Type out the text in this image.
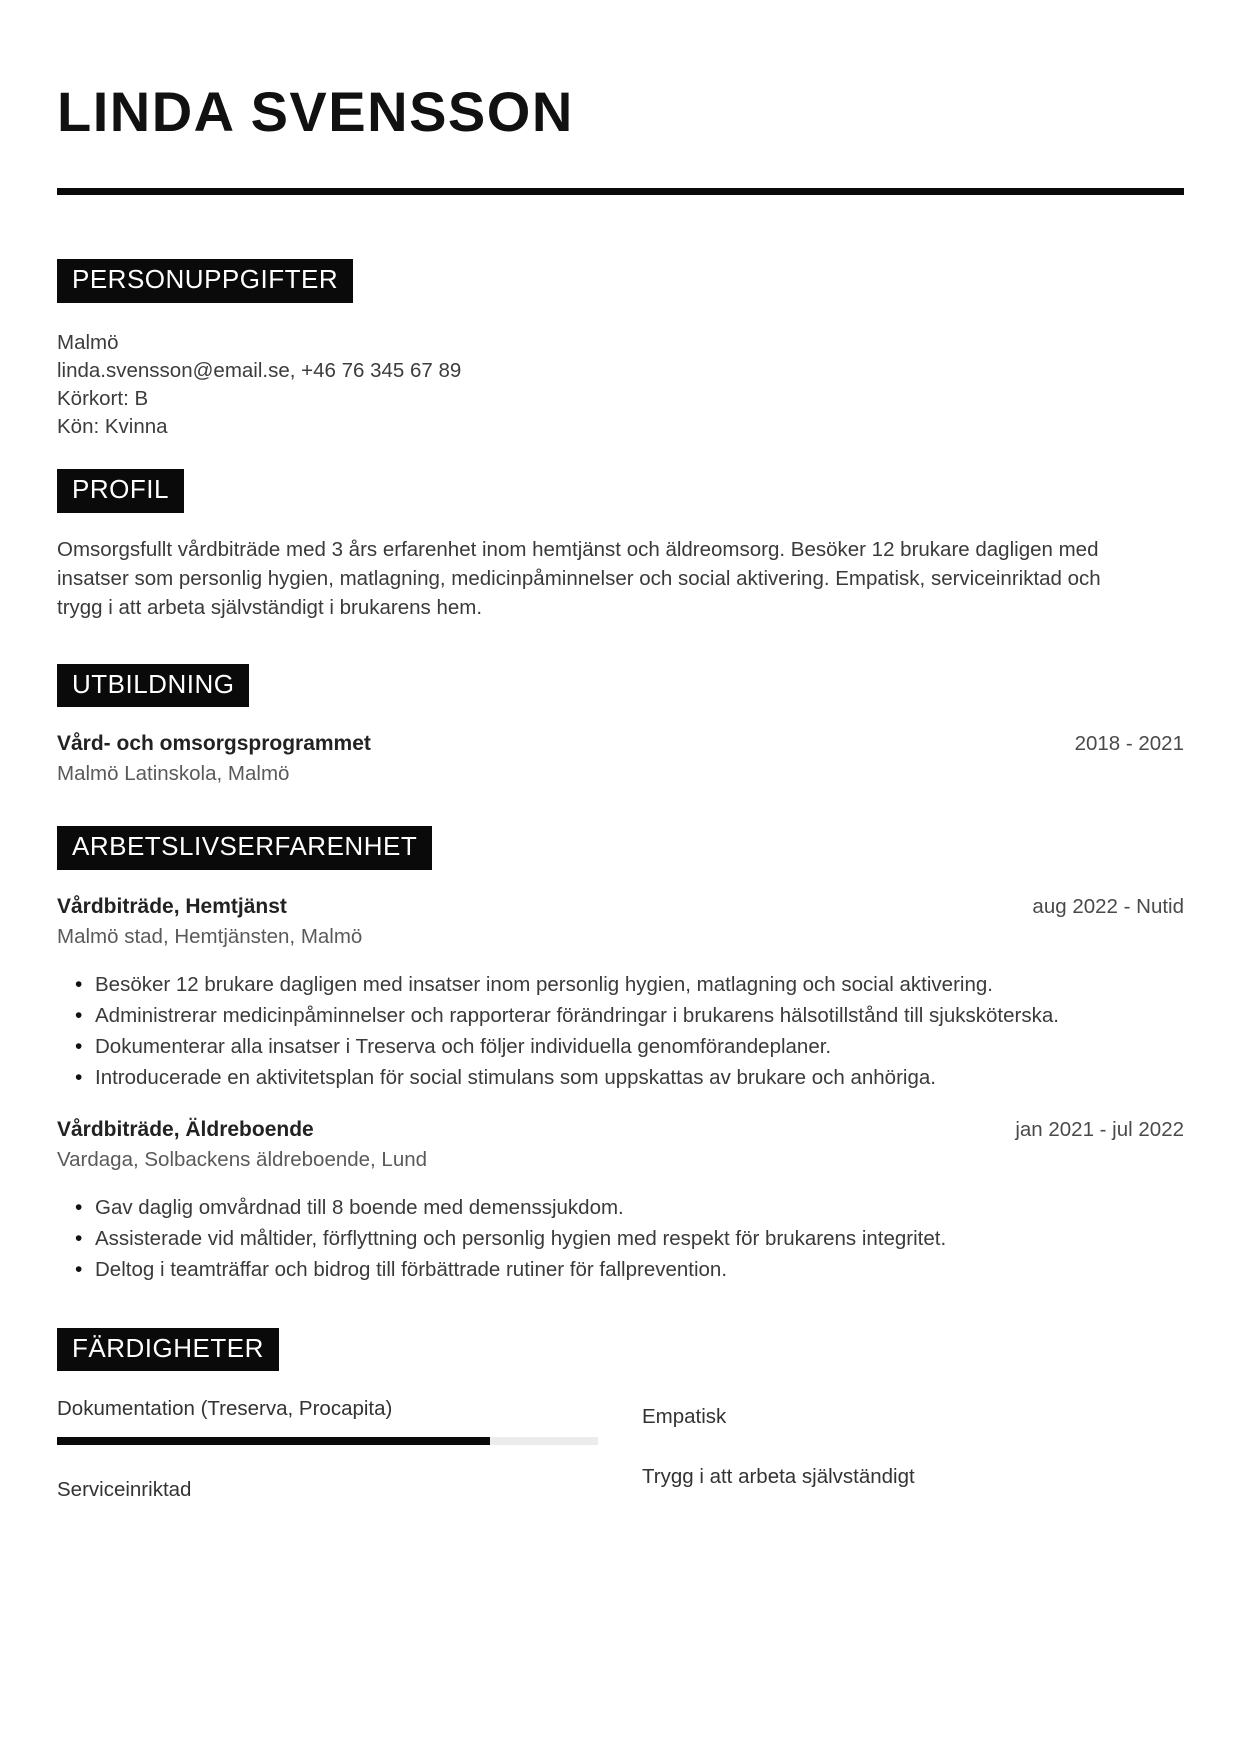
LINDA SVENSSON
PERSONUPPGIFTER
Malmö
linda.svensson@email.se, +46 76 345 67 89
Körkort: B
Kön: Kvinna
PROFIL

Omsorgsfullt vårdbiträde med 3 års erfarenhet inom hemtjänst och äldreomsorg. Besöker 12 brukare dagligen med insatser som personlig hygien, matlagning, medicinpåminnelser och social aktivering. Empatisk, serviceinriktad och trygg i att arbeta självständigt i brukarens hem.

UTBILDNING
Vård- och omsorgsprogrammet	2018 - 2021
Malmö Latinskola, Malmö
ARBETSLIVSERFARENHET
Vårdbiträde, Hemtjänst	aug 2022 - Nutid
Malmö stad, Hemtjänsten, Malmö
• Besöker 12 brukare dagligen med insatser inom personlig hygien, matlagning och social aktivering.
• Administrerar medicinpåminnelser och rapporterar förändringar i brukarens hälsotillstånd till sjuksköterska.
• Dokumenterar alla insatser i Treserva och följer individuella genomförandeplaner.
• Introducerade en aktivitetsplan för social stimulans som uppskattas av brukare och anhöriga.
Vårdbiträde, Äldreboende	jan 2021 - jul 2022
Vardaga, Solbackens äldreboende, Lund
• Gav daglig omvårdnad till 8 boende med demenssjukdom.
• Assisterade vid måltider, förflyttning och personlig hygien med respekt för brukarens integritet.
• Deltog i teamträffar och bidrog till förbättrade rutiner för fallprevention.
FÄRDIGHETER
Dokumentation (Treserva, Procapita)
Serviceinriktad
Empatisk
Trygg i att arbeta självständigt
